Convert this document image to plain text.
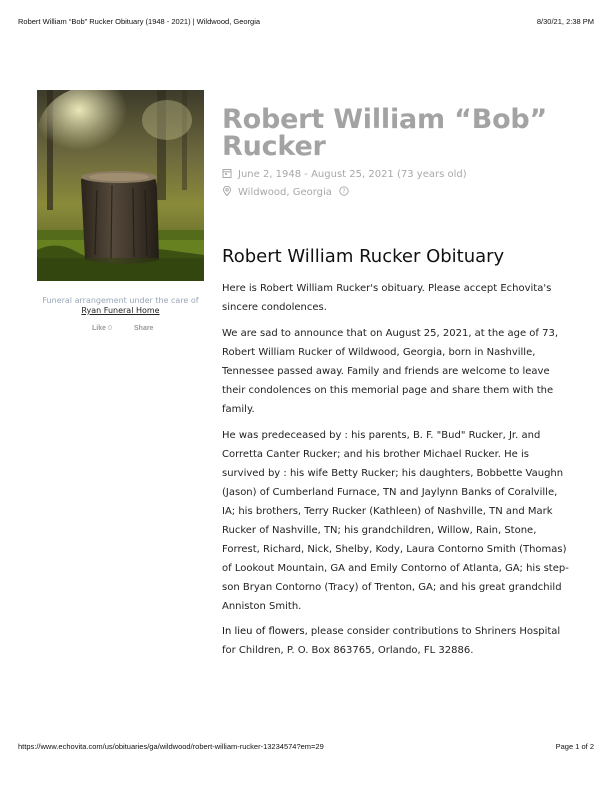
Robert William “Bob” Rucker Obituary (1948 - 2021) | Wildwood, Georgia	8/30/21, 2:38 PM
Funeral arrangement under the care of
Ryan Funeral Home
Like 0	Share
Robert William “Bob” Rucker
June 2, 1948 - August 25, 2021 (73 years old)
Wildwood, Georgia ?
Robert William Rucker Obituary
Here is Robert William Rucker's obituary. Please accept Echovita's sincere condolences.
We are sad to announce that on August 25, 2021, at the age of 73, Robert William Rucker of Wildwood, Georgia, born in Nashville, Tennessee passed away. Family and friends are welcome to leave their condolences on this memorial page and share them with the family.
He was predeceased by : his parents, B. F. "Bud" Rucker, Jr. and Corretta Canter Rucker; and his brother Michael Rucker. He is survived by : his wife Betty Rucker; his daughters, Bobbette Vaughn (Jason) of Cumberland Furnace, TN and Jaylynn Banks of Coralville, IA; his brothers, Terry Rucker (Kathleen) of Nashville, TN and Mark Rucker of Nashville, TN; his grandchildren, Willow, Rain, Stone, Forrest, Richard, Nick, Shelby, Kody, Laura Contorno Smith (Thomas) of Lookout Mountain, GA and Emily Contorno of Atlanta, GA; his step-son Bryan Contorno (Tracy) of Trenton, GA; and his great grandchild Anniston Smith.
In lieu of flowers, please consider contributions to Shriners Hospital for Children, P. O. Box 863765, Orlando, FL 32886.
https://www.echovita.com/us/obituaries/ga/wildwood/robert-william-rucker-13234574?em=29	Page 1 of 2
